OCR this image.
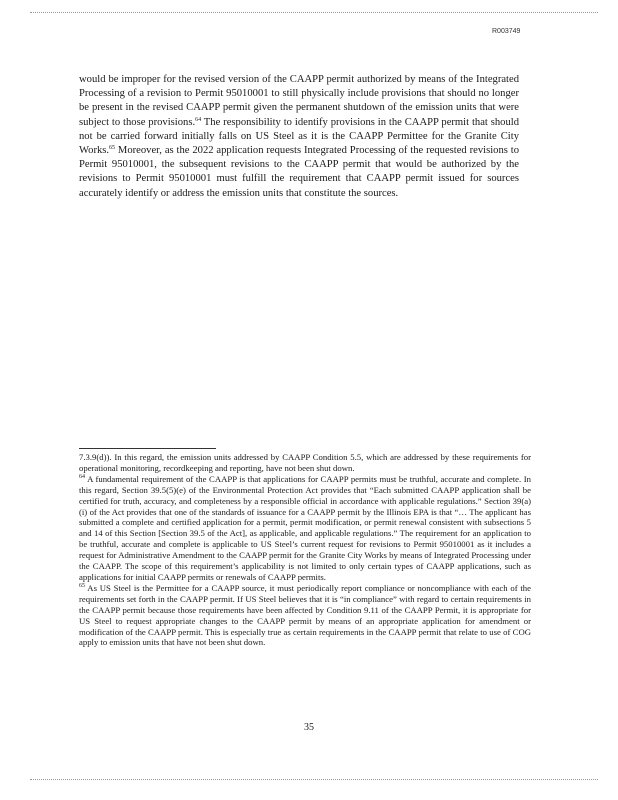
R003749
would be improper for the revised version of the CAAPP permit authorized by means of the Integrated Processing of a revision to Permit 95010001 to still physically include provisions that should no longer be present in the revised CAAPP permit given the permanent shutdown of the emission units that were subject to those provisions.$^{64}$ The responsibility to identify provisions in the CAAPP permit that should not be carried forward initially falls on US Steel as it is the CAAPP Permittee for the Granite City Works.$^{65}$ Moreover, as the 2022 application requests Integrated Processing of the requested revisions to Permit 95010001, the subsequent revisions to the CAAPP permit that would be authorized by the revisions to Permit 95010001 must fulfill the requirement that CAAPP permit issued for sources accurately identify or address the emission units that constitute the sources.

7.3.9(d)). In this regard, the emission units addressed by CAAPP Condition 5.5, which are addressed by these requirements for operational monitoring, recordkeeping and reporting, have not been shut down.

$^{64}$ A fundamental requirement of the CAAPP is that applications for CAAPP permits must be truthful, accurate and complete. In this regard, Section 39.5(5)(e) of the Environmental Protection Act provides that “Each submitted CAAPP application shall be certified for truth, accuracy, and completeness by a responsible official in accordance with applicable regulations.” Section 39(a)(i) of the Act provides that one of the standards of issuance for a CAAPP permit by the Illinois EPA is that “… The applicant has submitted a complete and certified application for a permit, permit modification, or permit renewal consistent with subsections 5 and 14 of this Section [Section 39.5 of the Act], as applicable, and applicable regulations.” The requirement for an application to be truthful, accurate and complete is applicable to US Steel’s current request for revisions to Permit 95010001 as it includes a request for Administrative Amendment to the CAAPP permit for the Granite City Works by means of Integrated Processing under the CAAPP. The scope of this requirement’s applicability is not limited to only certain types of CAAPP applications, such as applications for initial CAAPP permits or renewals of CAAPP permits.

$^{65}$ As US Steel is the Permittee for a CAAPP source, it must periodically report compliance or noncompliance with each of the requirements set forth in the CAAPP permit. If US Steel believes that it is “in compliance” with regard to certain requirements in the CAAPP permit because those requirements have been affected by Condition 9.11 of the CAAPP Permit, it is appropriate for US Steel to request appropriate changes to the CAAPP permit by means of an appropriate application for amendment or modification of the CAAPP permit. This is especially true as certain requirements in the CAAPP permit that relate to use of COG apply to emission units that have not been shut down.

35
